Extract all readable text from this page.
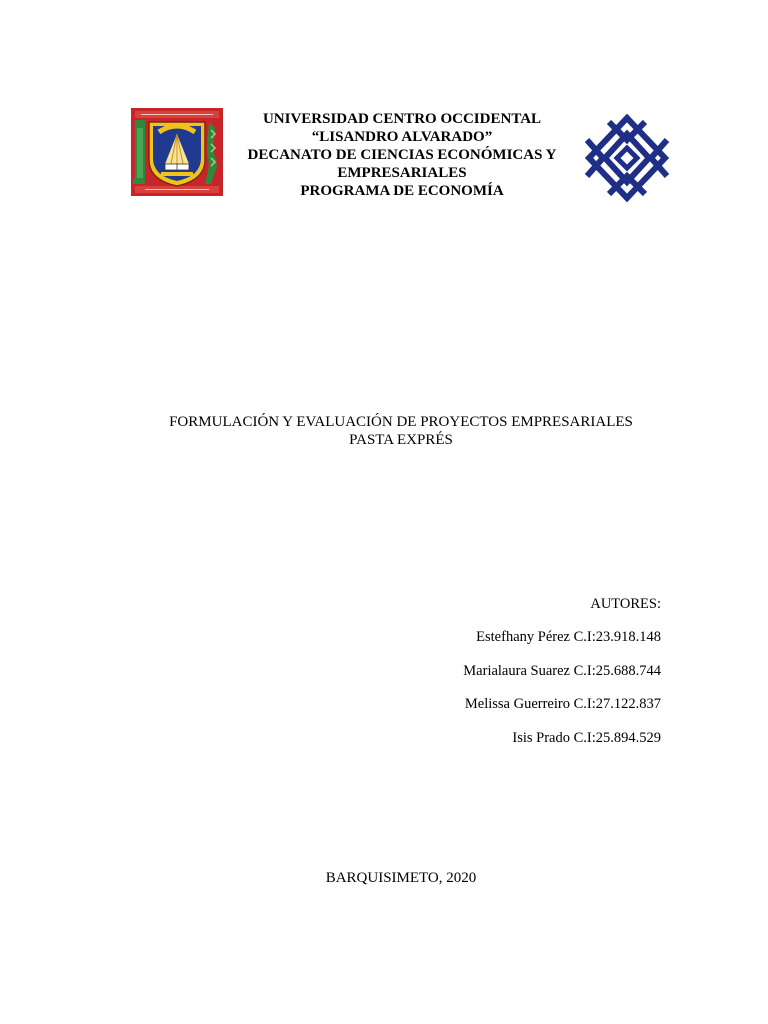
UNIVERSIDAD CENTRO OCCIDENTAL
“LISANDRO ALVARADO”
DECANATO DE CIENCIAS ECONÓMICAS Y
EMPRESARIALES
PROGRAMA DE ECONOMÍA
FORMULACIÓN Y EVALUACIÓN DE PROYECTOS EMPRESARIALES
PASTA EXPRÉS
AUTORES:
Estefhany Pérez C.I:23.918.148
Marialaura Suarez C.I:25.688.744
Melissa Guerreiro C.I:27.122.837
Isis Prado C.I:25.894.529
BARQUISIMETO, 2020
